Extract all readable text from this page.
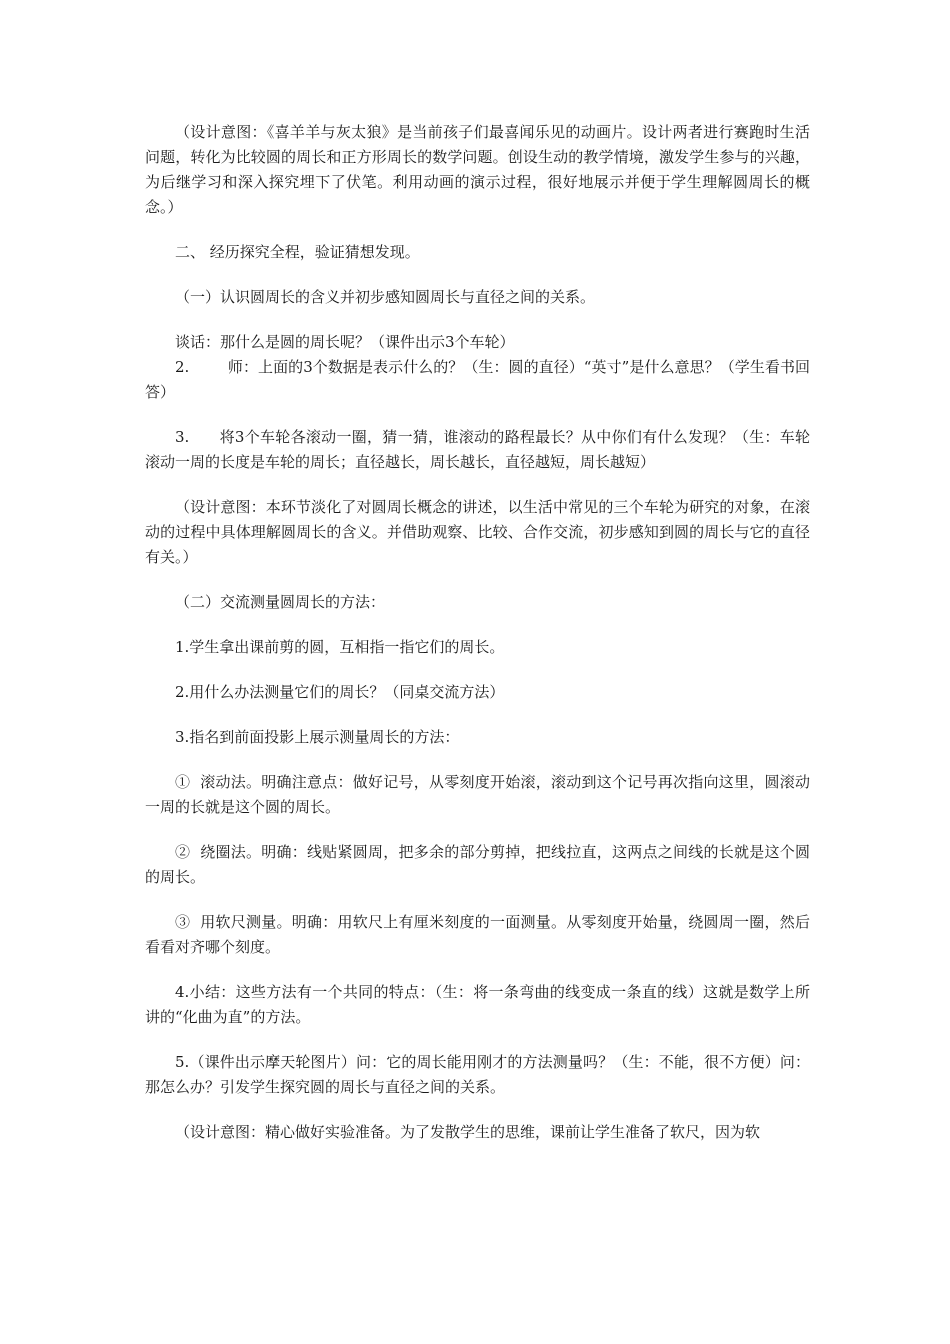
（设计意图：《喜羊羊与灰太狼》是当前孩子们最喜闻乐见的动画片。设计两者进行赛跑时生活问题，转化为比较圆的周长和正方形周长的数学问题。创设生动的教学情境，激发学生参与的兴趣，为后继学习和深入探究埋下了伏笔。利用动画的演示过程，很好地展示并便于学生理解圆周长的概念。）

二、 经历探究全程，验证猜想发现。

（一）认识圆周长的含义并初步感知圆周长与直径之间的关系。

谈话：那什么是圆的周长呢？（课件出示3个车轮）

2.        师：上面的3个数据是表示什么的？（生：圆的直径）“英寸”是什么意思？（学生看书回答）

3.      将3个车轮各滚动一圈，猜一猜，谁滚动的路程最长？从中你们有什么发现？（生：车轮滚动一周的长度是车轮的周长；直径越长，周长越长，直径越短，周长越短）

（设计意图：本环节淡化了对圆周长概念的讲述，以生活中常见的三个车轮为研究的对象，在滚动的过程中具体理解圆周长的含义。并借助观察、比较、合作交流，初步感知到圆的周长与它的直径有关。）

（二）交流测量圆周长的方法：

1.学生拿出课前剪的圆，互相指一指它们的周长。

2.用什么办法测量它们的周长？（同桌交流方法）

3.指名到前面投影上展示测量周长的方法：

①  滚动法。明确注意点：做好记号，从零刻度开始滚，滚动到这个记号再次指向这里，圆滚动一周的长就是这个圆的周长。

②  绕圈法。明确：线贴紧圆周，把多余的部分剪掉，把线拉直，这两点之间线的长就是这个圆的周长。

③  用软尺测量。明确：用软尺上有厘米刻度的一面测量。从零刻度开始量，绕圆周一圈，然后看看对齐哪个刻度。

4.小结：这些方法有一个共同的特点：（生：将一条弯曲的线变成一条直的线）这就是数学上所讲的“化曲为直”的方法。

5.（课件出示摩天轮图片）问：它的周长能用刚才的方法测量吗？（生：不能，很不方便）问：那怎么办？引发学生探究圆的周长与直径之间的关系。

（设计意图：精心做好实验准备。为了发散学生的思维，课前让学生准备了软尺，因为软
